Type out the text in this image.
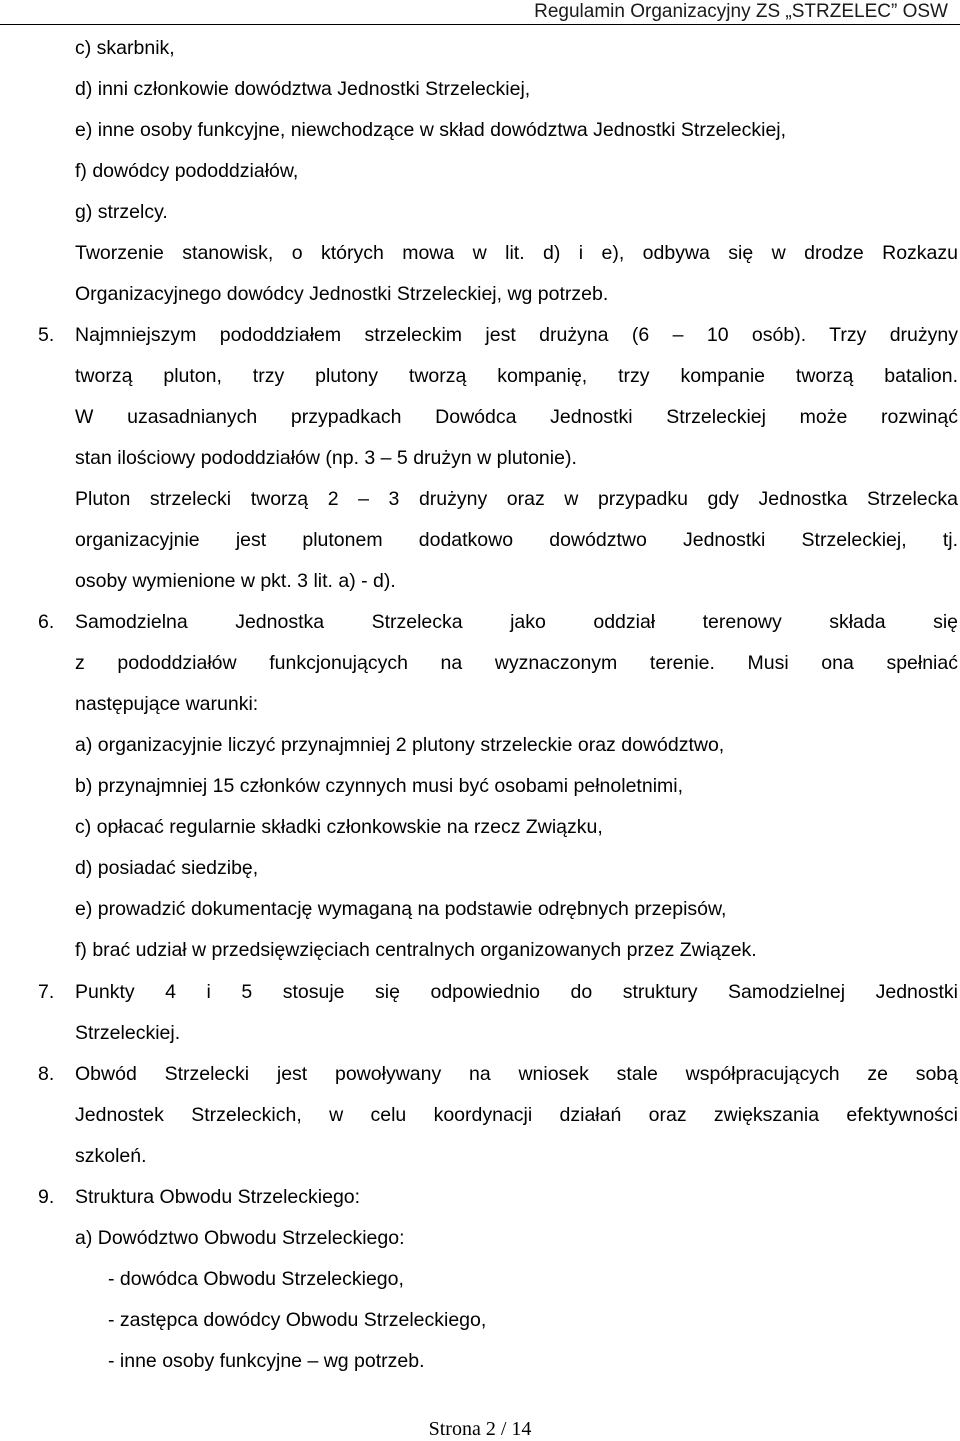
Regulamin Organizacyjny ZS „STRZELEC” OSW
c) skarbnik,
d) inni członkowie dowództwa Jednostki Strzeleckiej,
e) inne osoby funkcyjne, niewchodzące w skład dowództwa Jednostki Strzeleckiej,
f) dowódcy pododdziałów,
g) strzelcy.
Tworzenie stanowisk, o których mowa w lit. d) i e), odbywa się w drodze Rozkazu
Organizacyjnego dowódcy Jednostki Strzeleckiej, wg potrzeb.
5. Najmniejszym pododdziałem strzeleckim jest drużyna (6 – 10 osób). Trzy drużyny
tworzą pluton, trzy plutony tworzą kompanię, trzy kompanie tworzą batalion.
W uzasadnianych przypadkach Dowódca Jednostki Strzeleckiej może rozwinąć
stan ilościowy pododdziałów (np. 3 – 5 drużyn w plutonie).
Pluton strzelecki tworzą 2 – 3 drużyny oraz w przypadku gdy Jednostka Strzelecka
organizacyjnie jest plutonem dodatkowo dowództwo Jednostki Strzeleckiej, tj.
osoby wymienione w pkt. 3 lit. a) - d).
6. Samodzielna Jednostka Strzelecka jako oddział terenowy składa się
z pododdziałów funkcjonujących na wyznaczonym terenie. Musi ona spełniać
następujące warunki:
a) organizacyjnie liczyć przynajmniej 2 plutony strzeleckie oraz dowództwo,
b) przynajmniej 15 członków czynnych musi być osobami pełnoletnimi,
c) opłacać regularnie składki członkowskie na rzecz Związku,
d) posiadać siedzibę,
e) prowadzić dokumentację wymaganą na podstawie odrębnych przepisów,
f) brać udział w przedsięwzięciach centralnych organizowanych przez Związek.
7. Punkty 4 i 5 stosuje się odpowiednio do struktury Samodzielnej Jednostki
Strzeleckiej.
8. Obwód Strzelecki jest powoływany na wniosek stale współpracujących ze sobą
Jednostek Strzeleckich, w celu koordynacji działań oraz zwiększania efektywności
szkoleń.
9. Struktura Obwodu Strzeleckiego:
a) Dowództwo Obwodu Strzeleckiego:
- dowódca Obwodu Strzeleckiego,
- zastępca dowódcy Obwodu Strzeleckiego,
- inne osoby funkcyjne – wg potrzeb.
Strona 2 / 14
